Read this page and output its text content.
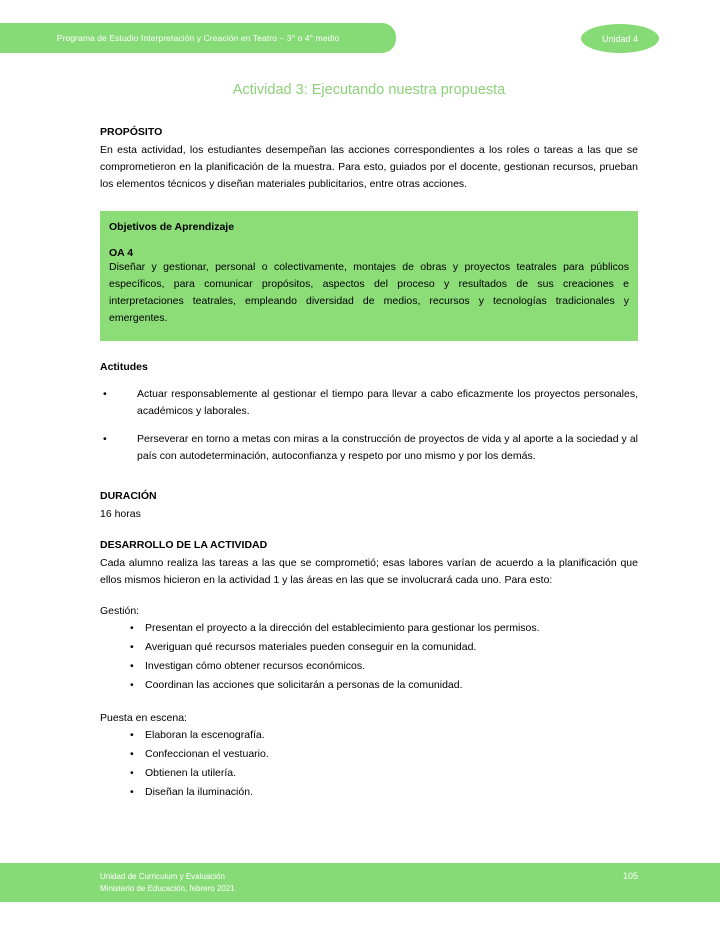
Programa de Estudio Interpretación y Creación en Teatro – 3° o 4° medio	Unidad 4
Actividad 3: Ejecutando nuestra propuesta
PROPÓSITO

En esta actividad, los estudiantes desempeñan las acciones correspondientes a los roles o tareas a las que se comprometieron en la planificación de la muestra. Para esto, guiados por el docente, gestionan recursos, prueban los elementos técnicos y diseñan materiales publicitarios, entre otras acciones.

Objetivos de Aprendizaje
OA 4

Diseñar y gestionar, personal o colectivamente, montajes de obras y proyectos teatrales para públicos específicos, para comunicar propósitos, aspectos del proceso y resultados de sus creaciones e interpretaciones teatrales, empleando diversidad de medios, recursos y tecnologías tradicionales y emergentes.

Actitudes
•	Actuar responsablemente al gestionar el tiempo para llevar a cabo eficazmente los proyectos personales, académicos y laborales.
•	Perseverar en torno a metas con miras a la construcción de proyectos de vida y al aporte a la sociedad y al país con autodeterminación, autoconfianza y respeto por uno mismo y por los demás.
DURACIÓN

16 horas

DESARROLLO DE LA ACTIVIDAD

Cada alumno realiza las tareas a las que se comprometió; esas labores varían de acuerdo a la planificación que ellos mismos hicieron en la actividad 1 y las áreas en las que se involucrará cada uno. Para esto:

Gestión:

• Presentan el proyecto a la dirección del establecimiento para gestionar los permisos.
• Averiguan qué recursos materiales pueden conseguir en la comunidad.
• Investigan cómo obtener recursos económicos.
• Coordinan las acciones que solicitarán a personas de la comunidad.

Puesta en escena:

• Elaboran la escenografía.
• Confeccionan el vestuario.
• Obtienen la utilería.
• Diseñan la iluminación.
Unidad de Curriculum y Evaluación
Ministerio de Educación, febrero 2021
105
